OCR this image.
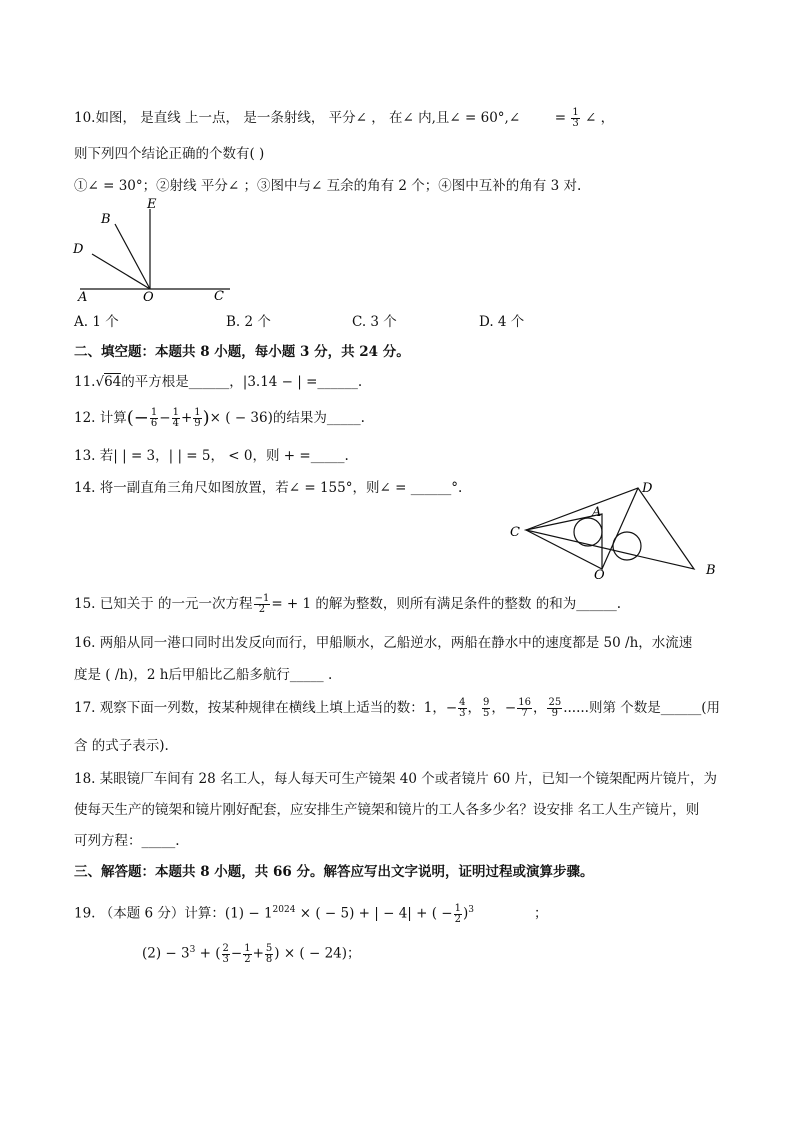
10.如图， 是直线 上一点， 是一条射线， 平分∠ ， 在∠ 内,且∠ = 60°,∠	= $\frac{1}{3}$ ∠ ，
则下列四个结论正确的个数有( )
①∠ = 30°；②射线 平分∠ ；③图中与∠ 互余的角有 2 个；④图中互补的角有 3 对.
B
E
D
A	O	C
A. 1 个	B. 2 个	C. 3 个	D. 4 个
二、填空题：本题共 8 小题，每小题 3 分，共 24 分。
11.√64的平方根是______，|3.14 − | =______.
12. 计算(− $\frac{1}{6} - \frac{1}{4} + \frac{1}{9}$ )× ( − 36)的结果为_____.
13. 若| | = 3，| | = 5， < 0，则 + =_____.
14. 将一副直角三角尺如图放置，若∠ = 155°，则∠ = ______°.	D
A
C
O	B
15. 已知关于 的一元一次方程 $\frac{-1}{2}$ = + 1 的解为整数，则所有满足条件的整数 的和为______.
16. 两船从同一港口同时出发反向而行，甲船顺水，乙船逆水，两船在静水中的速度都是 50 /h，水流速
度是 ( /h)，2 h后甲船比乙船多航行_____ .
17. 观察下面一列数，按某种规律在横线上填上适当的数：1，− $\frac{4}{3}$ ， $\frac{9}{5}$ ，− $\frac{16}{7}$ ， $\frac{25}{9}$ ......则第 个数是______(用
含 的式子表示).
18. 某眼镜厂车间有 28 名工人，每人每天可生产镜架 40 个或者镜片 60 片，已知一个镜架配两片镜片，为
使每天生产的镜架和镜片刚好配套，应安排生产镜架和镜片的工人各多少名？设安排 名工人生产镜片，则
可列方程：_____.
三、解答题：本题共 8 小题，共 66 分。解答应写出文字说明，证明过程或演算步骤。
19. （本题 6 分）计算：$(1) - 1^{2024}$ × ( − 5) + | − 4| + ( − $\frac{1}{2} )^3$	；
$(2) - 3^3$ + ( $\frac{2}{3} - \frac{1}{2} + \frac{5}{8}$ ) × ( − 24)；
